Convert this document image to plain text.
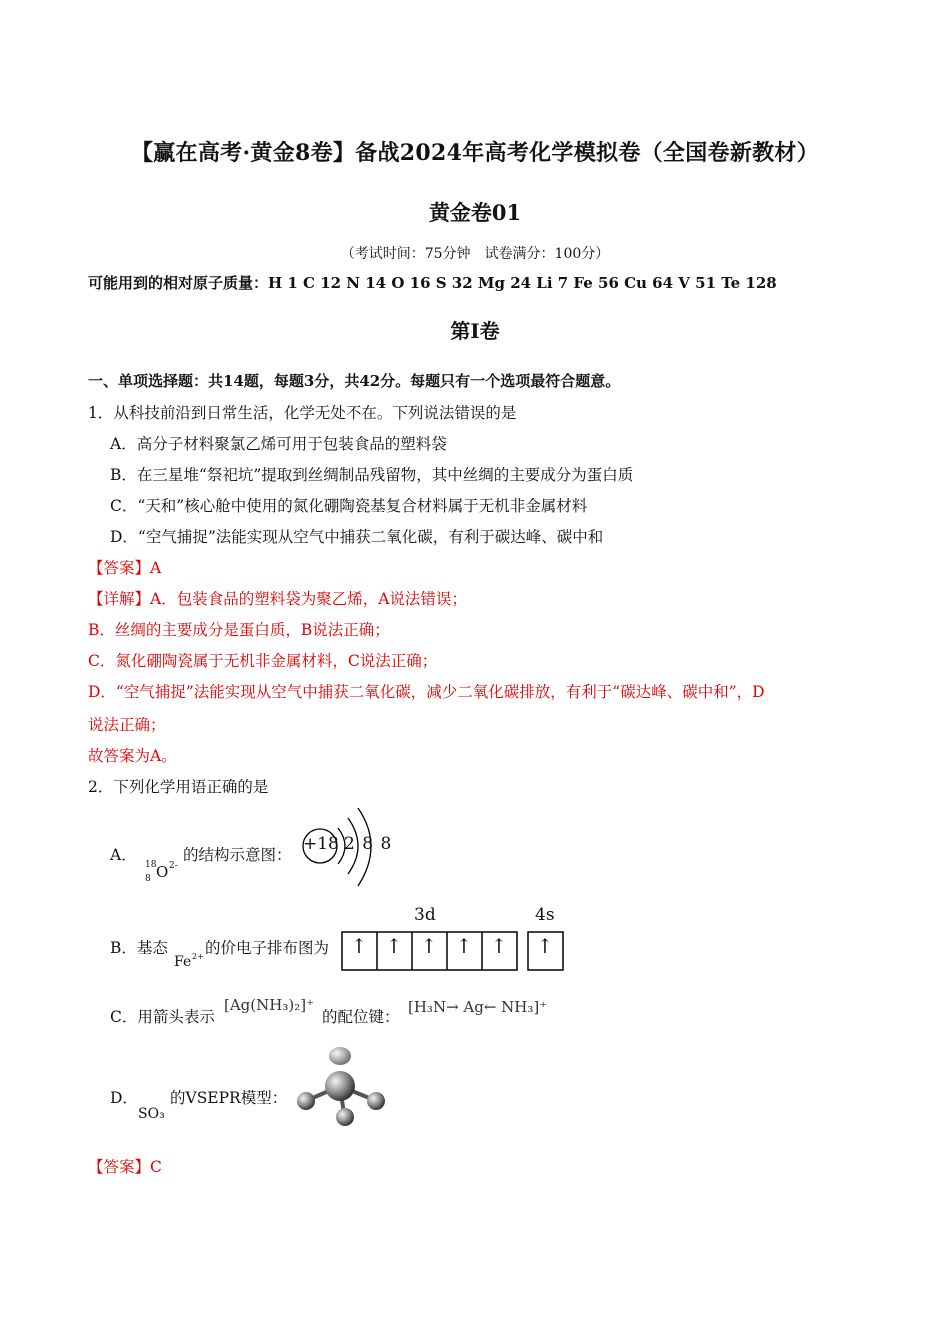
【赢在高考·黄金8卷】备战2024年高考化学模拟卷（全国卷新教材）
黄金卷01
（考试时间：75分钟　试卷满分：100分）
可能用到的相对原子质量：H 1 C 12 N 14 O 16 S 32 Mg 24 Li 7 Fe 56 Cu 64 V 51 Te 128
第Ⅰ卷
一、单项选择题：共14题，每题3分，共42分。每题只有一个选项最符合题意。
1．从科技前沿到日常生活，化学无处不在。下列说法错误的是
A．高分子材料聚氯乙烯可用于包装食品的塑料袋
B．在三星堆“祭祀坑”提取到丝绸制品残留物，其中丝绸的主要成分为蛋白质
C．“天和”核心舱中使用的氮化硼陶瓷基复合材料属于无机非金属材料
D．“空气捕捉”法能实现从空气中捕获二氧化碳，有利于碳达峰、碳中和
【答案】A
【详解】A．包装食品的塑料袋为聚乙烯，A说法错误；
B．丝绸的主要成分是蛋白质，B说法正确；
C．氮化硼陶瓷属于无机非金属材料，C说法正确；
D．“空气捕捉”法能实现从空气中捕获二氧化碳，减少二氧化碳排放，有利于“碳达峰、碳中和”，D
说法正确；
故答案为A。
2．下列化学用语正确的是
A．
18
8 O 2-
的结构示意图：
+18 2 8 8
B．基态
Fe 2+ 的价电子排布图为
3d	4s
↑ ↑ ↑ ↑ ↑ ↑
C．用箭头表示
[Ag(NH₃)₂]⁺
的配位键：
[H₃N→ Ag← NH₃]⁺
D．
SO₃
的VSEPR模型：
【答案】C
